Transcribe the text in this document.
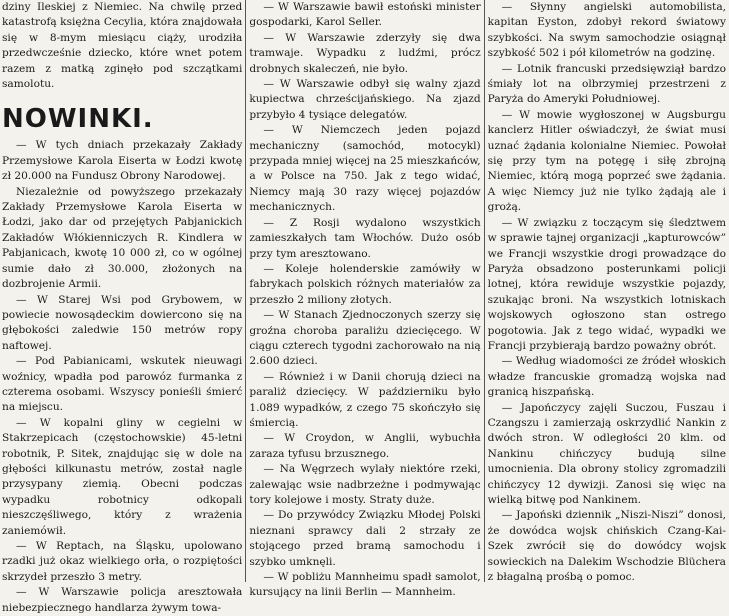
dziny Ileskiej z Niemiec. Na chwilę przed katastrofą księżna Cecylia, która znajdowała się w 8-mym miesiącu ciąży, urodziła przedwcześnie dziecko, które wnet potem razem z matką zginęło pod szczątkami samolotu.

NOWINKI.

— W tych dniach przekazały Zakłady Przemysłowe Karola Eiserta w Łodzi kwotę zł 20.000 na Fundusz Obrony Narodowej.

Niezależnie od powyższego przekazały Zakłady Przemysłowe Karola Eiserta w Łodzi, jako dar od przejętych Pabjanickich Zakładów Włókienniczych R. Kindlera w Pabjanicach, kwotę 10 000 zł, co w ogólnej sumie dało zł 30.000, złożonych na dozbrojenie Armii.

— W Starej Wsi pod Grybowem, w powiecie nowosądeckim dowiercono się na głębokości zaledwie 150 metrów ropy naftowej.

— Pod Pabianicami, wskutek nieuwagi woźnicy, wpadła pod parowóz furmanka z czterema osobami. Wszyscy ponieśli śmierć na miejscu.

— W kopalni gliny w cegielni w Stakrzepicach (częstochowskie) 45-letni robotnik, P. Sitek, znajdując się w dole na głębości kilkunastu metrów, został nagle przysypany ziemią. Obecni podczas wypadku robotnicy odkopali nieszczęśliwego, który z wrażenia zaniemówił.

— W Reptach, na Śląsku, upolowano rzadki już okaz wielkiego orła, o rozpiętości skrzydeł przeszło 3 metry.

— W Warszawie policja aresztowała niebezpiecznego handlarza żywym towa-

— W Warszawie bawił estoński minister gospodarki, Karol Seller.

— W Warszawie zderzyły się dwa tramwaje. Wypadku z ludźmi, prócz drobnych skaleczeń, nie było.

— W Warszawie odbył się walny zjazd kupiectwa chrześcijańskiego. Na zjazd przybyło 4 tysiące delegatów.

— W Niemczech jeden pojazd mechaniczny (samochód, motocykl) przypada mniej więcej na 25 mieszkańców, a w Polsce na 750. Jak z tego widać, Niemcy mają 30 razy więcej pojazdów mechanicznych.

— Z Rosji wydalono wszystkich zamieszkałych tam Włochów. Dużo osób przy tym aresztowano.

— Koleje holenderskie zamówiły w fabrykach polskich różnych materiałów za przeszło 2 miliony złotych.

— W Stanach Zjednoczonych szerzy się groźna choroba paraliżu dziecięcego. W ciągu czterech tygodni zachorowało na nią 2.600 dzieci.

— Również i w Danii chorują dzieci na paraliż dziecięcy. W październiku było 1.089 wypadków, z czego 75 skończyło się śmiercią.

— W Croydon, w Anglii, wybuchła zaraza tyfusu brzusznego.

— Na Węgrzech wylały niektóre rzeki, zalewając wsie nadbrzeżne i podmywając tory kolejowe i mosty. Straty duże.

— Do przywódcy Związku Młodej Polski nieznani sprawcy dali 2 strzały ze stojącego przed bramą samochodu i szybko umknęli.

— W pobliżu Mannheimu spadł samolot, kursujący na linii Berlin — Mannheim.

— Słynny angielski automobilista, kapitan Eyston, zdobył rekord światowy szybkości. Na swym samochodzie osiągnął szybkość 502 i pół kilometrów na godzinę.

— Lotnik francuski przedsięwziął bardzo śmiały lot na olbrzymiej przestrzeni z Paryża do Ameryki Południowej.

— W mowie wygłoszonej w Augsburgu kanclerz Hitler oświadczył, że świat musi uznać żądania kolonialne Niemiec. Powołał się przy tym na potęgę i siłę zbrojną Niemiec, którą mogą poprzeć swe żądania. A więc Niemcy już nie tylko żądają ale i grożą.

— W związku z toczącym się śledztwem w sprawie tajnej organizacji „kapturowców” we Francji wszystkie drogi prowadzące do Paryża obsadzono posterunkami policji lotnej, która rewiduje wszystkie pojazdy, szukając broni. Na wszystkich lotniskach wojskowych ogłoszono stan ostrego pogotowia. Jak z tego widać, wypadki we Francji przybierają bardzo poważny obrót.

— Według wiadomości ze źródeł włoskich władze francuskie gromadzą wojska nad granicą hiszpańską.

— Japończycy zajęli Suczou, Fuszau i Czangszu i zamierzają oskrzydlić Nankin z dwóch stron. W odległości 20 klm. od Nankinu chińczycy budują silne umocnienia. Dla obrony stolicy zgromadzili chińczycy 12 dywizji. Zanosi się więc na wielką bitwę pod Nankinem.

— Japoński dziennik „Niszi-Niszi” donosi, że dowódca wojsk chińskich Czang-Kai-Szek zwrócił się do dowódcy wojsk sowieckich na Dalekim Wschodzie Blüchera z błagalną prośbą o pomoc.
